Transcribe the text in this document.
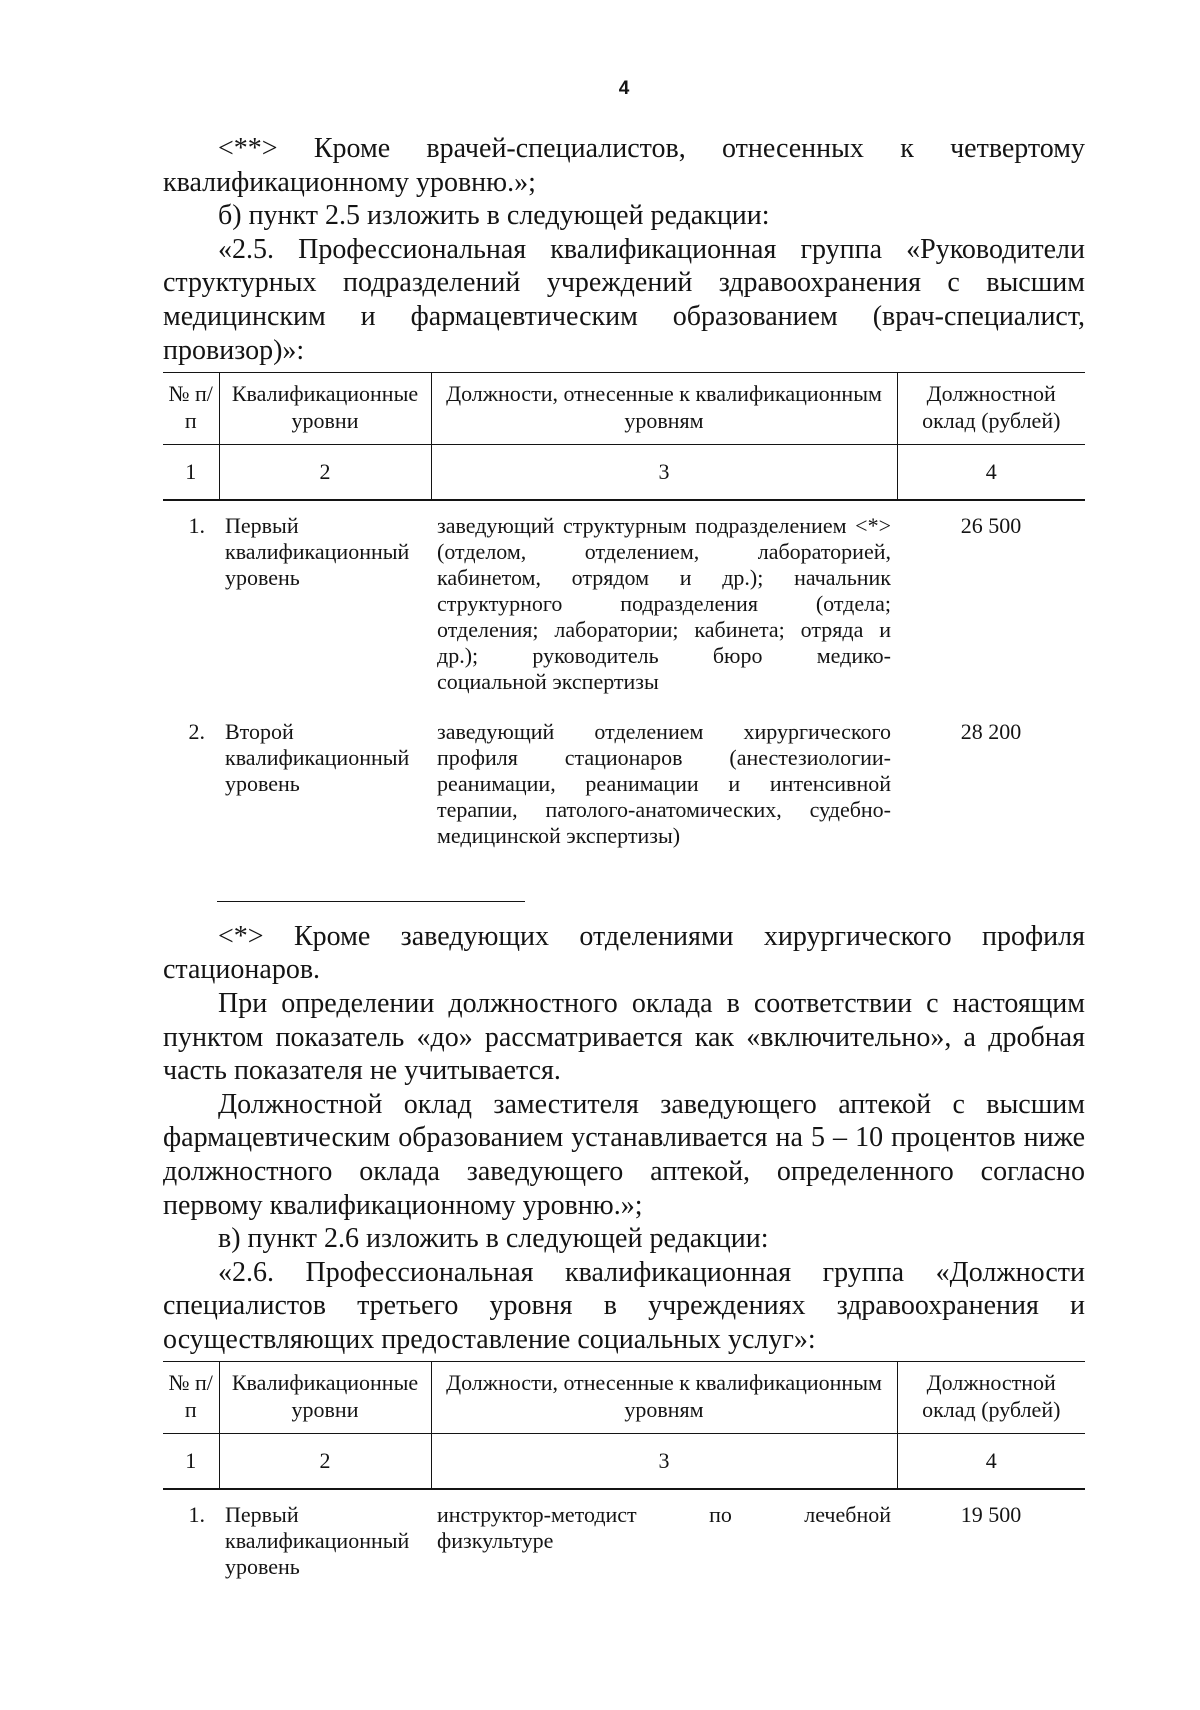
4

<**> Кроме врачей-специалистов, отнесенных к четвертому квалификационному уровню.»;

б) пункт 2.5 изложить в следующей редакции:

«2.5. Профессиональная квалификационная группа «Руководители структурных подразделений учреждений здравоохранения с высшим медицинским и фармацевтическим образованием (врач-специалист, провизор)»:

№ п/п	Квалификационные уровни	Должности, отнесенные к квалификационным уровням	Должностной оклад (рублей)
1	2	3	4
1.	Первый квалификационный уровень	заведующий структурным подразделением <*> (отделом, отделением, лабораторией, кабинетом, отрядом и др.); начальник структурного подразделения (отдела; отделения; лаборатории; кабинета; отряда и др.); руководитель бюро медико-
социальной экспертизы	26 500
2.	Второй квалификационный уровень	заведующий отделением хирургического профиля стационаров (анестезиологии-реанимации, реанимации и интенсивной терапии, патолого-анатомических, судебно-
медицинской экспертизы)	28 200

<*> Кроме заведующих отделениями хирургического профиля стационаров.

При определении должностного оклада в соответствии с настоящим пунктом показатель «до» рассматривается как «включительно», а дробная часть показателя не учитывается.

Должностной оклад заместителя заведующего аптекой с высшим фармацевтическим образованием устанавливается на 5 – 10 процентов ниже должностного оклада заведующего аптекой, определенного согласно первому квалификационному уровню.»;

в) пункт 2.6 изложить в следующей редакции:

«2.6. Профессиональная квалификационная группа «Должности специалистов третьего уровня в учреждениях здравоохранения и осуществляющих предоставление социальных услуг»:

№ п/п	Квалификационные уровни	Должности, отнесенные к квалификационным уровням	Должностной оклад (рублей)
1	2	3	4
1.	Первый квалификационный уровень	инструктор-методист по лечебной
физкультуре	19 500
